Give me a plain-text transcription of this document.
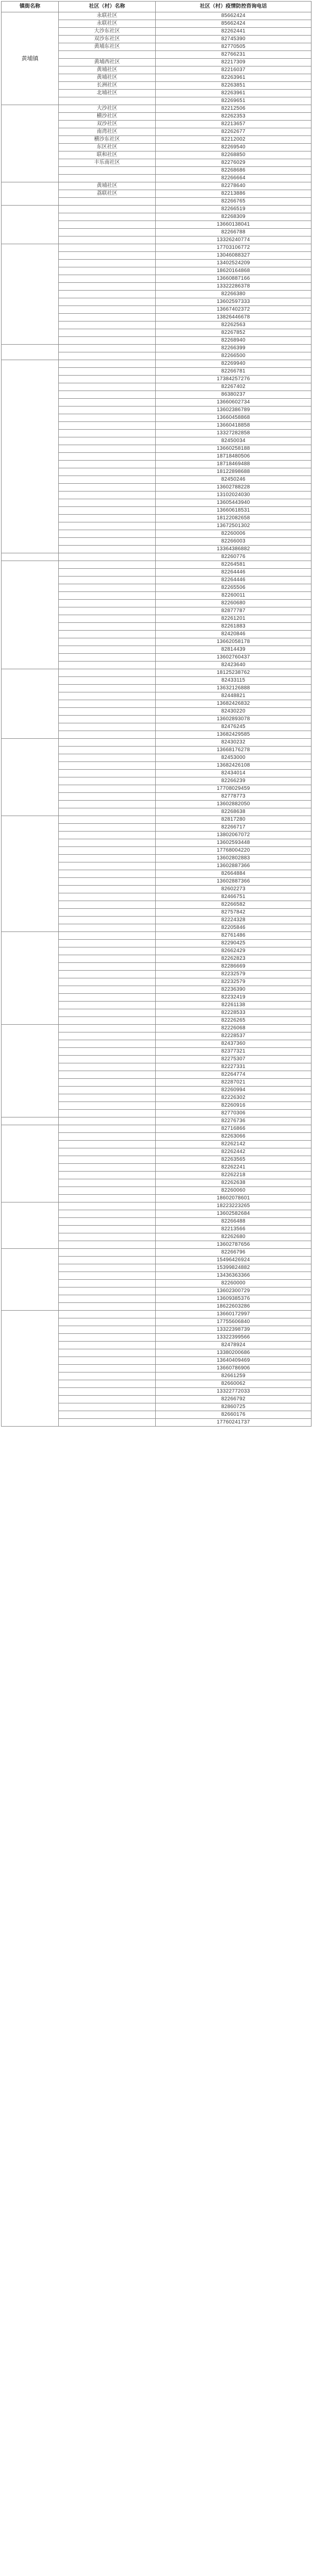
镇街名称	社区（村）名称	社区（村）疫情防控咨询电话
黄埔镇	永联社区	85662424
	永联社区	85662424
	大沙东社区	82262441
	双沙东社区	82745390
	黄埔东社区	82770505
		82766231
	黄埔西社区	82217309
	黄埔社区	82216037
	黄埔社区	82263961
	长洲社区	82263851
	北埔社区	82263961
		82269651
	大沙社区	82212506
	横沙社区	82262353
	双沙社区	82213657
	南湾社区	82262677
	横沙东社区	82212002
	东区社区	82269540
	联和社区	82268850
	丰乐南社区	82276029
		82268686
		82266664
	黄埔社区	82278640
	荔联社区	82213886
		82266765
		82266519
		82268309
		13660138041
		82266788
		13326240774
		17703106772
		13046088327
		13402524209
		18620164868
		13660887166
		13322286378
		82266380
		13602597333
		13667402372
		13826446678
		82262563
		82267852
		82268940
		82266399
		82266500
		82269940
		82266781
		17384257276
		82267402
		86380237
		13660602734
		13602386789
		13660458868
		13660418858
		13327282858
		82450034
		13660258188
		18718480506
		18718469488
		18122898688
		82450246
		13602788228
		13102024030
		13605443940
		13660618531
		18122082658
		13672501302
		82260006
		82266003
		13364386882
		82260776
		82264581
		82264446
		82264446
		82265506
		82260011
		82260680
		82877787
		82261201
		82261883
		82420846
		13662058178
		82814439
		13602760437
		82423640
		18125238762
		82433115
		13632126888
		82448821
		13682426832
		82430220
		13602893078
		82476245
		13682429585
		82430232
		13668176278
		82453000
		13682426108
		82434014
		82266239
		17708029459
		82778773
		13602882050
		82268638
		82817280
		82266717
		13802067072
		13602593448
		17768004220
		13602802883
		13602887366
		82664884
		13602887366
		82602273
		82466751
		82266582
		82757842
		82224328
		82205846
		82761486
		82290425
		82662429
		82262823
		82286669
		82232579
		82232579
		82236390
		82232419
		82261138
		82228533
		82226265
		82226068
		82228537
		82437360
		82377321
		82275307
		82227331
		82264774
		82287021
		82260994
		82226302
		82260916
		82770306
		82276736
		82716866
		82263066
		82262142
		82262442
		82263565
		82262241
		82262218
		82262638
		82260060
		18602078601
		18223223265
		13602582684
		82266488
		82213566
		82262680
		13602787656
		82266796
		15496426924
		15399824882
		13436363366
		82260000
		13602300729
		13609385376
		18622603286
		13660172997
		17755606840
		13322398739
		13322399566
		82478924
		13380200686
		13640409469
		13660786906
		82661259
		82660062
		13322772033
		82266792
		82860725
		82660176
		17760241737
